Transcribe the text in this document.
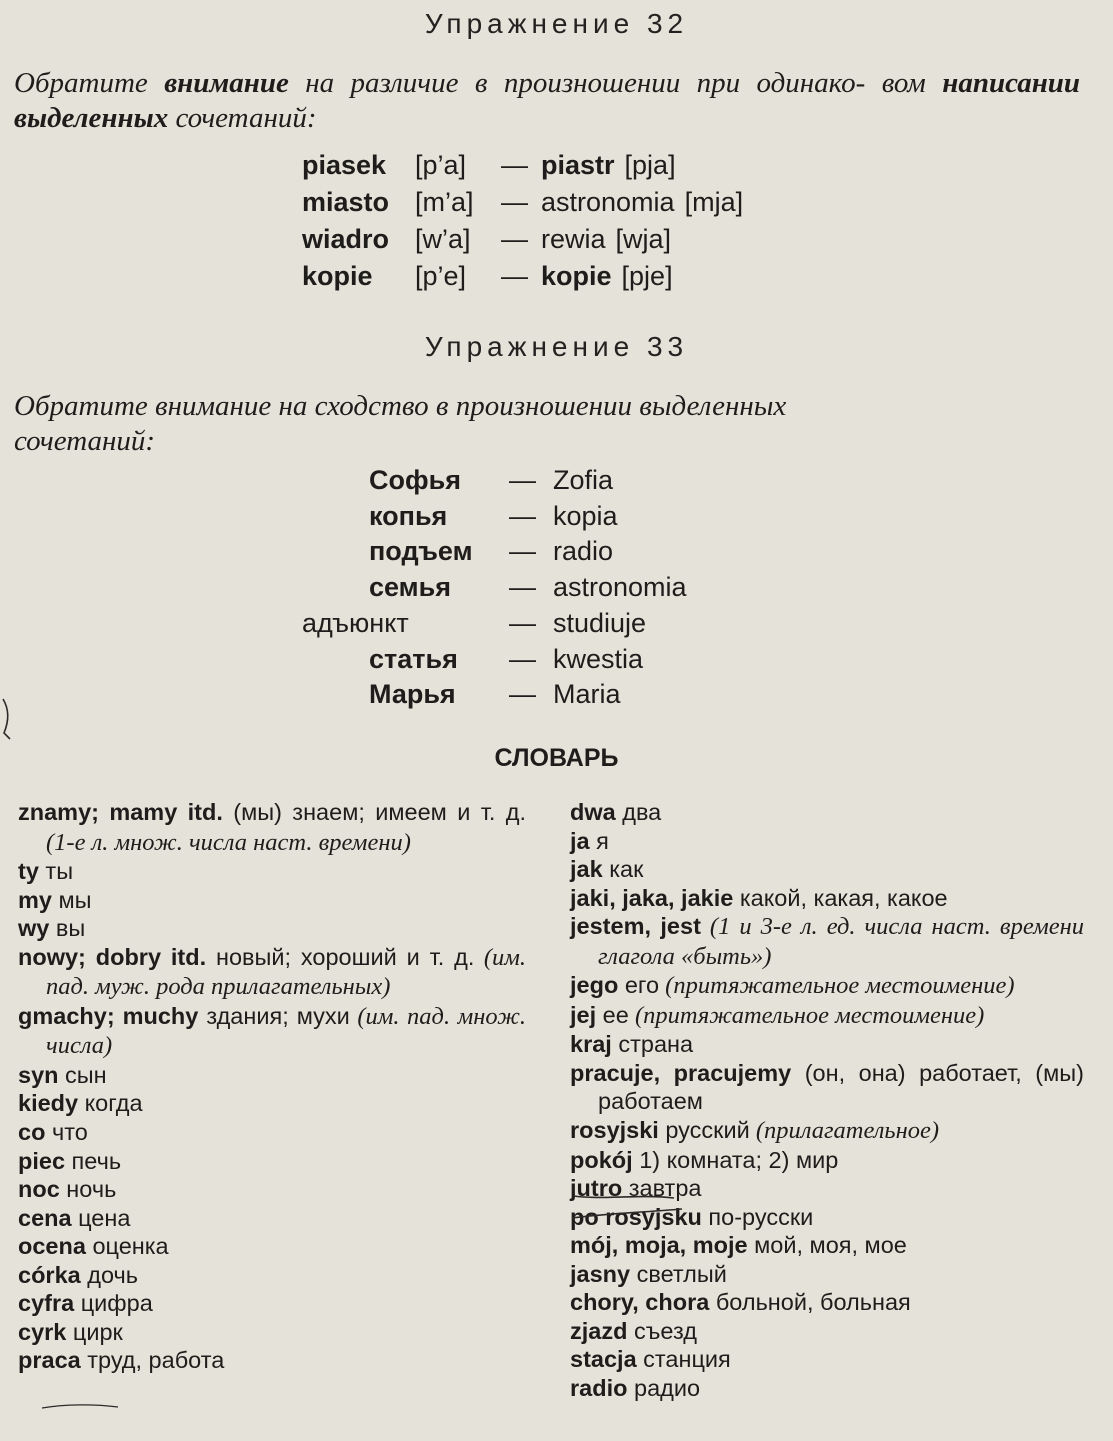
Упражнение 32
Обратите внимание на различие в произношении при одинако- вом написании выделенных сочетаний:
piasek	[p’a]	— piastr [pja]
miasto [m’a]	— astronomia [mja]
wiadro [w’a]	— rewia [wja]
kopie	[p’e]	— kopie [pje]
Упражнение 33
Обратите внимание на сходство в произношении выделенных
сочетаний:
Софья	— Zofia
копья	— kopia
подъем	— radio
семья	— astronomia
адъюнкт	— studiuje
статья	— kwestia
Марья	— Maria
СЛОВАРЬ
znamy; mamy itd. (мы) знаем; имеем и т. д. (1-е л. множ. числа наст. времени)
ty ты
my мы
wy вы
nowy; dobry itd. новый; хороший и т. д. (им. пад. муж. рода прилагательных)
gmachy; muchy здания; мухи (им. пад. множ. числа)
syn сын
kiedy когда
co что
piec печь
noc ночь
cena цена
ocena оценка
córka дочь
cyfra цифра
cyrk цирк
praca труд, работа
dwa два
ja я
jak как
jaki, jaka, jakie какой, какая, какое
jestem, jest (1 и 3-е л. ед. числа наст. времени глагола «быть»)
jego его (притяжательное местоимение)
jej ее (притяжательное местоимение)
kraj страна
pracuje, pracujemy (он, она) работает, (мы) работаем
rosyjski русский (прилагательное)
pokój 1) комната; 2) мир
jutro завтра
po rosyjsku по-русски
mój, moja, moje мой, моя, мое
jasny светлый
chory, chora больной, больная
zjazd съезд
stacja станция
radio радио
